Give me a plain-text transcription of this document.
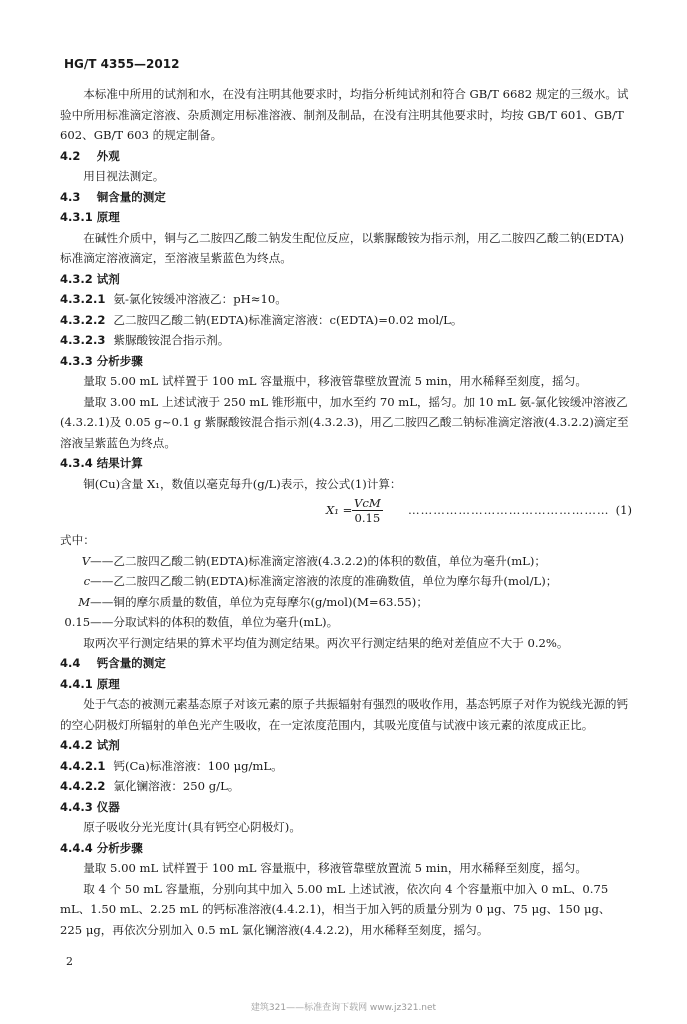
HG/T 4355—2012

本标准中所用的试剂和水，在没有注明其他要求时，均指分析纯试剂和符合 GB/T 6682 规定的三级水。试验中所用标准滴定溶液、杂质测定用标准溶液、制剂及制品，在没有注明其他要求时，均按 GB/T 601、GB/T 602、GB/T 603 的规定制备。

4.2 外观

用目视法测定。

4.3 铜含量的测定
4.3.1 原理

在碱性介质中，铜与乙二胺四乙酸二钠发生配位反应，以紫脲酸铵为指示剂，用乙二胺四乙酸二钠(EDTA)标准滴定溶液滴定，至溶液呈紫蓝色为终点。

4.3.2 试剂

4.3.2.1 氨-氯化铵缓冲溶液乙：pH≈10。

4.3.2.2 乙二胺四乙酸二钠(EDTA)标准滴定溶液：c(EDTA)=0.02 mol/L。

4.3.2.3 紫脲酸铵混合指示剂。

4.3.3 分析步骤

量取 5.00 mL 试样置于 100 mL 容量瓶中，移液管靠壁放置流 5 min，用水稀释至刻度，摇匀。

量取 3.00 mL 上述试液于 250 mL 锥形瓶中，加水至约 70 mL，摇匀。加 10 mL 氨-氯化铵缓冲溶液乙(4.3.2.1)及 0.05 g~0.1 g 紫脲酸铵混合指示剂(4.3.2.3)，用乙二胺四乙酸二钠标准滴定溶液(4.3.2.2)滴定至溶液呈紫蓝色为终点。

4.3.4 结果计算

铜(Cu)含量 X₁，数值以毫克每升(g/L)表示，按公式(1)计算：

X₁ = VcM
0.15
………………………………………… (1)

式中：

V——乙二胺四乙酸二钠(EDTA)标准滴定溶液(4.3.2.2)的体积的数值，单位为毫升(mL)；

c——乙二胺四乙酸二钠(EDTA)标准滴定溶液的浓度的准确数值，单位为摩尔每升(mol/L)；

M——铜的摩尔质量的数值，单位为克每摩尔(g/mol)(M=63.55)；

0.15——分取试料的体积的数值，单位为毫升(mL)。

取两次平行测定结果的算术平均值为测定结果。两次平行测定结果的绝对差值应不大于 0.2%。

4.4 钙含量的测定
4.4.1 原理

处于气态的被测元素基态原子对该元素的原子共振辐射有强烈的吸收作用，基态钙原子对作为锐线光源的钙的空心阴极灯所辐射的单色光产生吸收，在一定浓度范围内，其吸光度值与试液中该元素的浓度成正比。

4.4.2 试剂

4.4.2.1 钙(Ca)标准溶液：100 μg/mL。

4.4.2.2 氯化镧溶液：250 g/L。

4.4.3 仪器

原子吸收分光光度计(具有钙空心阴极灯)。

4.4.4 分析步骤

量取 5.00 mL 试样置于 100 mL 容量瓶中，移液管靠壁放置流 5 min，用水稀释至刻度，摇匀。

取 4 个 50 mL 容量瓶，分别向其中加入 5.00 mL 上述试液，依次向 4 个容量瓶中加入 0 mL、0.75 mL、1.50 mL、2.25 mL 的钙标准溶液(4.4.2.1)，相当于加入钙的质量分别为 0 μg、75 μg、150 μg、225 μg，再依次分别加入 0.5 mL 氯化镧溶液(4.4.2.2)，用水稀释至刻度，摇匀。

2
建筑321——标准查询下载网 www.jz321.net
